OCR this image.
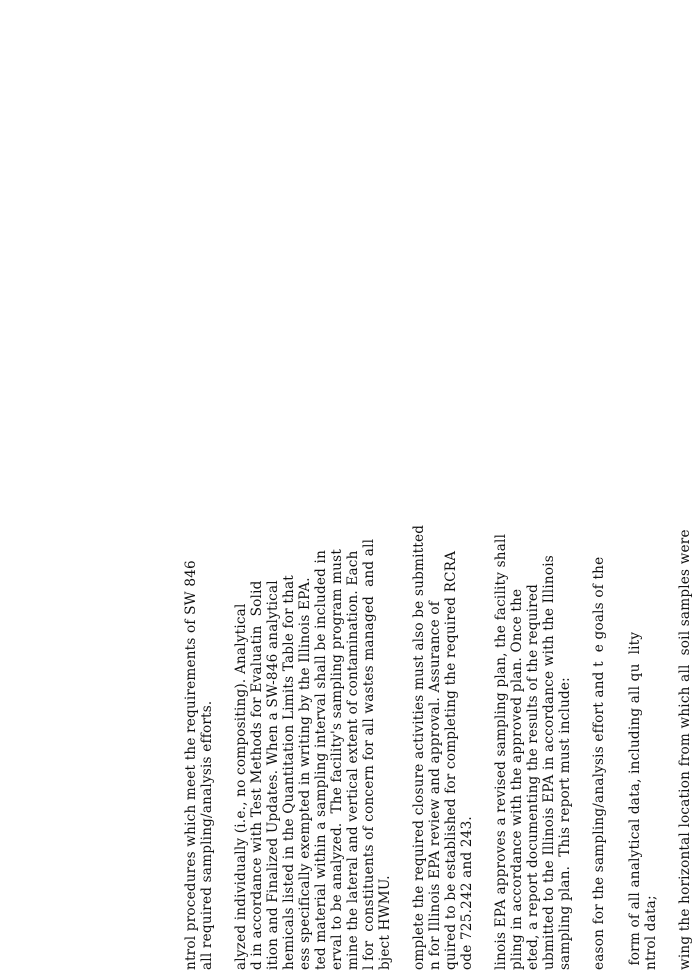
ntrol procedures which meet the requirements of SW 846 all required sampling/analysis efforts. alyzed individually (i.e., no compositing). Analytical d in accordance with Test Methods for Evaluatin  Solid ition and Finalized Updates. When a SW-846 analytical hemicals listed in the Quantitation Limits Table for that ess specifically exempted in writing by the Illinois EPA. ted material within a sampling interval shall be included in erval to be analyzed.  The facility's sampling program must mine the lateral and vertical extent of contamination. Each l for  constituents of concern for all wastes managed  and all bject HWMU. omplete the required closure activities must also be submitted n for Illinois EPA review and approval. Assurance of quired to be established for completing the required RCRA ode 725.242 and 243. linois EPA approves a revised sampling plan, the facility shall pling in accordance with the approved plan. Once the eted, a report documenting the results of the required ubmitted to the Illinois EPA in accordance with the Illinois sampling plan.  This report must include: eason for the sampling/analysis effort and t  e goals of the form of all analytical data, including all qu  lity ntrol data; wing the horizontal location from which all  soil samples were
